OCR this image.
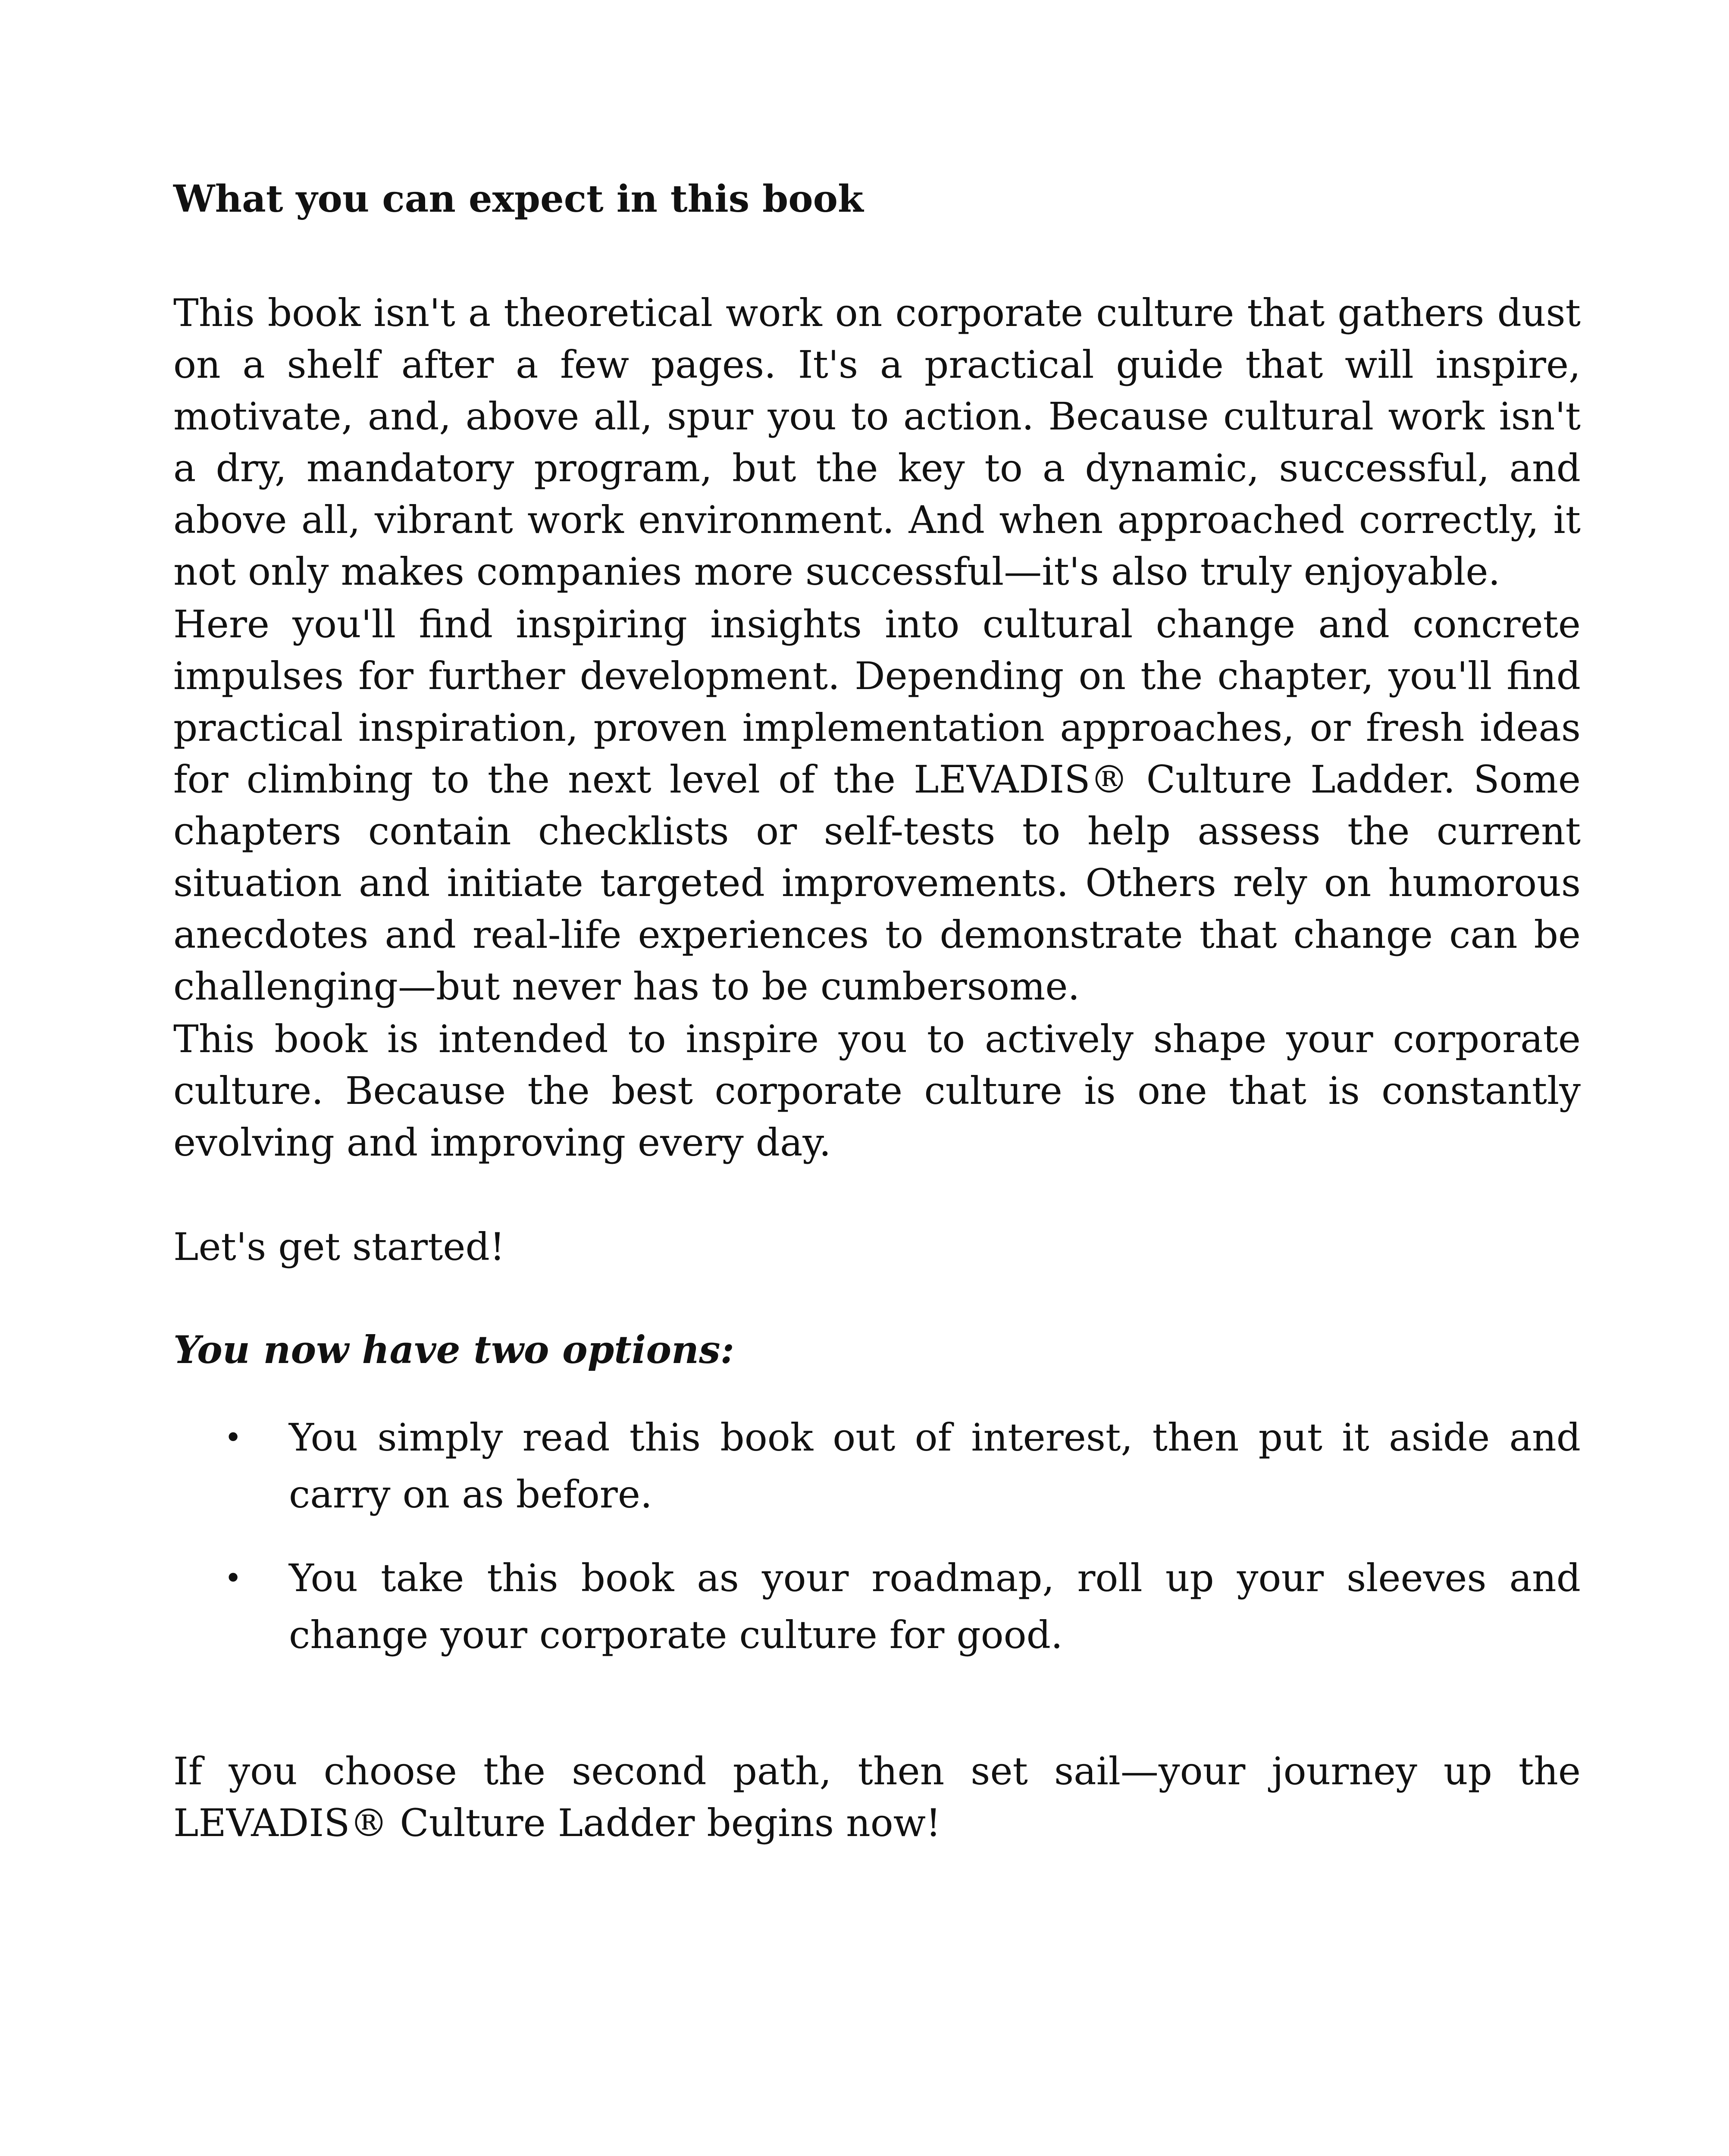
What you can expect in this book

This book isn't a theoretical work on corporate culture that gathers dust on a shelf after a few pages. It's a practical guide that will inspire, motivate, and, above all, spur you to action. Because cultural work isn't a dry, mandatory program, but the key to a dynamic, successful, and above all, vibrant work environment. And when approached correctly, it not only makes companies more successful—it's also truly enjoyable.

Here you'll find inspiring insights into cultural change and concrete impulses for further development. Depending on the chapter, you'll find practical inspiration, proven implementation approaches, or fresh ideas for climbing to the next level of the LEVADIS® Culture Ladder. Some chapters contain checklists or self-tests to help assess the current situation and initiate targeted improvements. Others rely on humorous anecdotes and real-life experiences to demonstrate that change can be challenging—but never has to be cumbersome.

This book is intended to inspire you to actively shape your corporate culture. Because the best corporate culture is one that is constantly evolving and improving every day.

Let's get started!

You now have two options:

• You simply read this book out of interest, then put it aside and carry on as before.
• You take this book as your roadmap, roll up your sleeves and change your corporate culture for good.

If you choose the second path, then set sail—your journey up the LEVADIS® Culture Ladder begins now!
